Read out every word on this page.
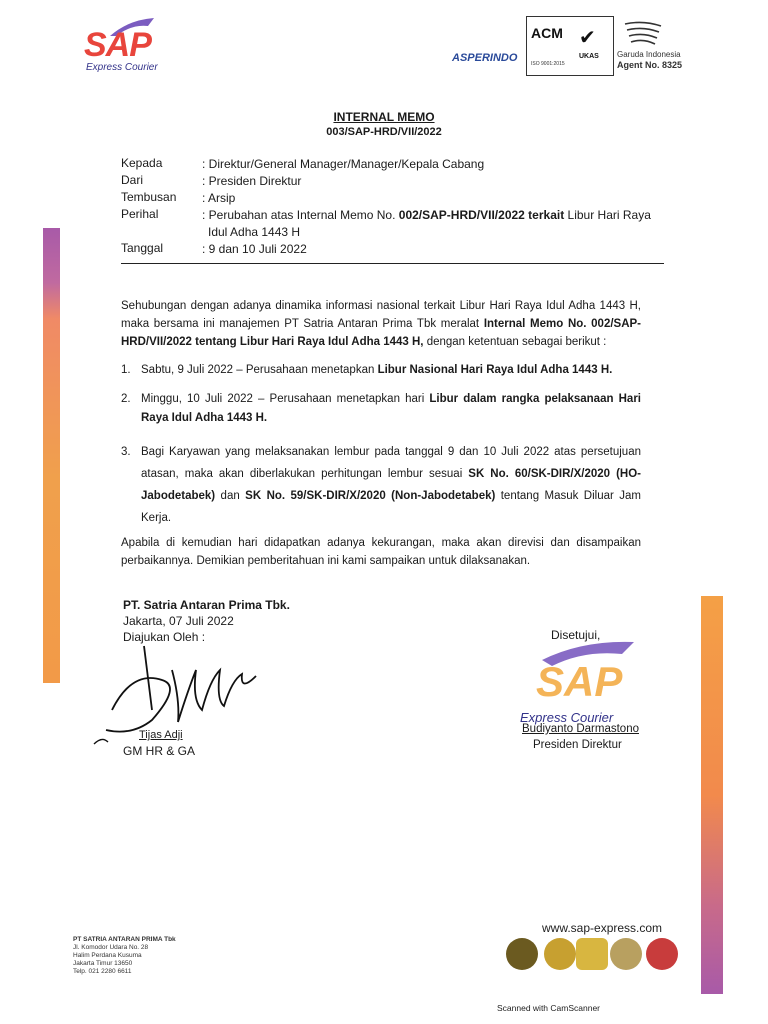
SAP
Express Courier
ASPERINDO
ACM
ISO 9001:2015
✔
UKAS Garuda Indonesia
Agent No. 8325
INTERNAL MEMO
003/SAP-HRD/VII/2022
Kepada	: Direktur/General Manager/Manager/Kepala Cabang
Dari	: Presiden Direktur
Tembusan : Arsip
Perihal	: Perubahan atas Internal Memo No. 002/SAP-HRD/VII/2022 terkait Libur Hari Raya
Idul Adha 1443 H
Tanggal	: 9 dan 10 Juli 2022
Sehubungan dengan adanya dinamika informasi nasional terkait Libur Hari Raya Idul Adha 1443 H, maka bersama ini manajemen PT Satria Antaran Prima Tbk meralat Internal Memo No. 002/SAP-HRD/VII/2022 tentang Libur Hari Raya Idul Adha 1443 H, dengan ketentuan sebagai berikut :
1. Sabtu, 9 Juli 2022 – Perusahaan menetapkan Libur Nasional Hari Raya Idul Adha 1443 H.
2. Minggu, 10 Juli 2022 – Perusahaan menetapkan hari Libur dalam rangka pelaksanaan Hari Raya Idul Adha 1443 H.
3. Bagi Karyawan yang melaksanakan lembur pada tanggal 9 dan 10 Juli 2022 atas persetujuan atasan, maka akan diberlakukan perhitungan lembur sesuai SK No. 60/SK-DIR/X/2020 (HO-Jabodetabek) dan SK No. 59/SK-DIR/X/2020 (Non-Jabodetabek) tentang Masuk Diluar Jam Kerja.
Apabila di kemudian hari didapatkan adanya kekurangan, maka akan direvisi dan disampaikan perbaikannya. Demikian pemberitahuan ini kami sampaikan untuk dilaksanakan.
PT. Satria Antaran Prima Tbk.
Jakarta, 07 Juli 2022
Diajukan Oleh :
Tijas Adji
GM HR & GA
Disetujui,
SAP
Express Courier
Budiyanto Darmastono
Presiden Direktur
PT SATRIA ANTARAN PRIMA Tbk
Jl. Komodor Udara No. 28
Halim Perdana Kusuma
Jakarta Timur 13650
Telp. 021 2280 6611
www.sap-express.com
Scanned with CamScanner
